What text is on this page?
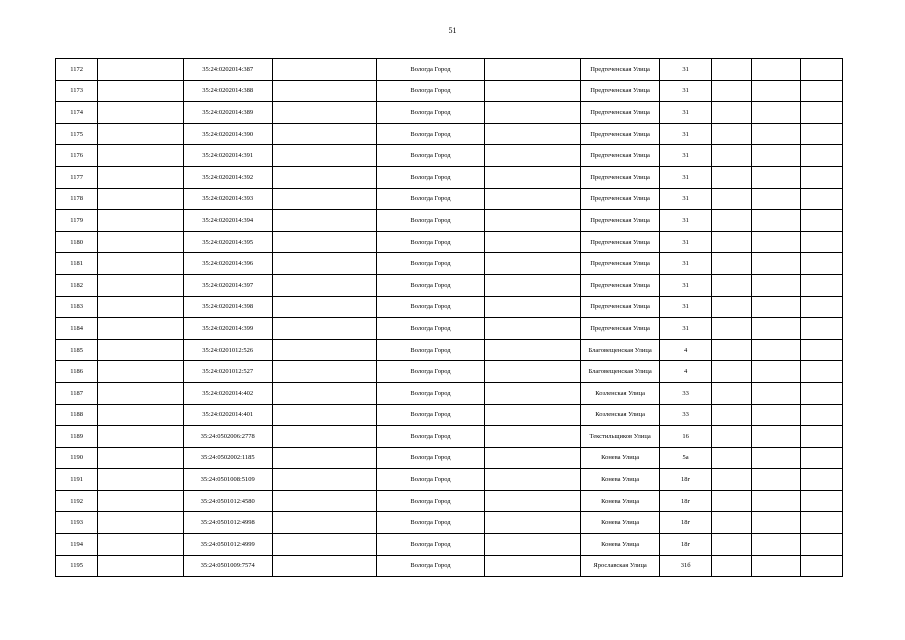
51
1172		35:24:0202014:387		Вологда Город		Предтеченская Улица	31			
1173		35:24:0202014:388		Вологда Город		Предтеченская Улица	31			
1174		35:24:0202014:389		Вологда Город		Предтеченская Улица	31			
1175		35:24:0202014:390		Вологда Город		Предтеченская Улица	31			
1176		35:24:0202014:391		Вологда Город		Предтеченская Улица	31			
1177		35:24:0202014:392		Вологда Город		Предтеченская Улица	31			
1178		35:24:0202014:393		Вологда Город		Предтеченская Улица	31			
1179		35:24:0202014:394		Вологда Город		Предтеченская Улица	31			
1180		35:24:0202014:395		Вологда Город		Предтеченская Улица	31			
1181		35:24:0202014:396		Вологда Город		Предтеченская Улица	31			
1182		35:24:0202014:397		Вологда Город		Предтеченская Улица	31			
1183		35:24:0202014:398		Вологда Город		Предтеченская Улица	31			
1184		35:24:0202014:399		Вологда Город		Предтеченская Улица	31			
1185		35:24:0201012:526		Вологда Город		Благовещенская Улица	4			
1186		35:24:0201012:527		Вологда Город		Благовещенская Улица	4			
1187		35:24:0202014:402		Вологда Город		Козленская Улица	33			
1188		35:24:0202014:401		Вологда Город		Козленская Улица	33			
1189		35:24:0502006:2778		Вологда Город		Текстильщиков Улица	16			
1190		35:24:0502002:1185		Вологда Город		Конева Улица	5а			
1191		35:24:0501008:5109		Вологда Город		Конева Улица	18г			
1192		35:24:0501012:4580		Вологда Город		Конева Улица	18г			
1193		35:24:0501012:4998		Вологда Город		Конева Улица	18г			
1194		35:24:0501012:4999		Вологда Город		Конева Улица	18г			
1195		35:24:0501009:7574		Вологда Город		Ярославская Улица	31б			
